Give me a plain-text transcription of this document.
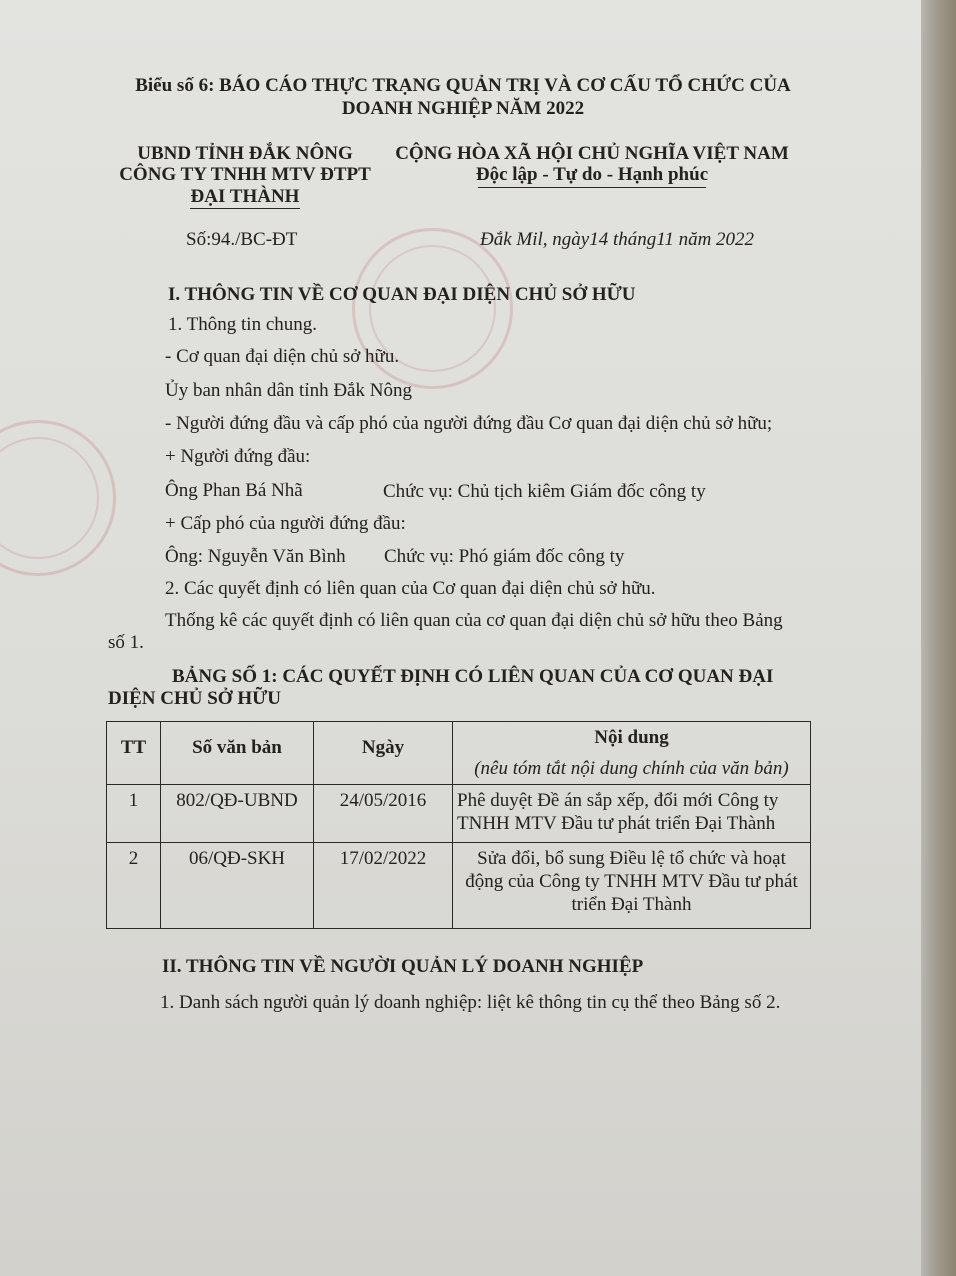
Biểu số 6: BÁO CÁO THỰC TRẠNG QUẢN TRỊ VÀ CƠ CẤU TỔ CHỨC CỦA
DOANH NGHIỆP NĂM 2022
UBND TỈNH ĐẮK NÔNG
CÔNG TY TNHH MTV ĐTPT
ĐẠI THÀNH
CỘNG HÒA XÃ HỘI CHỦ NGHĨA VIỆT NAM
Độc lập - Tự do - Hạnh phúc
Số:94./BC-ĐT	Đắk Mil, ngày14 tháng11 năm 2022
I. THÔNG TIN VỀ CƠ QUAN ĐẠI DIỆN CHỦ SỞ HỮU
1. Thông tin chung.
- Cơ quan đại diện chủ sở hữu.
Ủy ban nhân dân tỉnh Đắk Nông
- Người đứng đầu và cấp phó của người đứng đầu Cơ quan đại diện chủ sở hữu;
+ Người đứng đầu:
Ông Phan Bá Nhã	Chức vụ: Chủ tịch kiêm Giám đốc công ty
+ Cấp phó của người đứng đầu:
Ông: Nguyễn Văn Bình Chức vụ: Phó giám đốc công ty
2. Các quyết định có liên quan của Cơ quan đại diện chủ sở hữu.
Thống kê các quyết định có liên quan của cơ quan đại diện chủ sở hữu theo Bảng
số 1.
BẢNG SỐ 1: CÁC QUYẾT ĐỊNH CÓ LIÊN QUAN CỦA CƠ QUAN ĐẠI
DIỆN CHỦ SỞ HỮU
TT	Số văn bản	Ngày	Nội dung
(nêu tóm tắt nội dung chính của văn bản)

1	802/QĐ-UBND	24/05/2016	Phê duyệt Đề án sắp xếp, đổi mới Công ty TNHH MTV Đầu tư phát triển Đại Thành
2	06/QĐ-SKH	17/02/2022	Sửa đổi, bổ sung Điều lệ tổ chức và hoạt động của Công ty TNHH MTV Đầu tư phát triển Đại Thành
II. THÔNG TIN VỀ NGƯỜI QUẢN LÝ DOANH NGHIỆP
1. Danh sách người quản lý doanh nghiệp: liệt kê thông tin cụ thể theo Bảng số 2.
